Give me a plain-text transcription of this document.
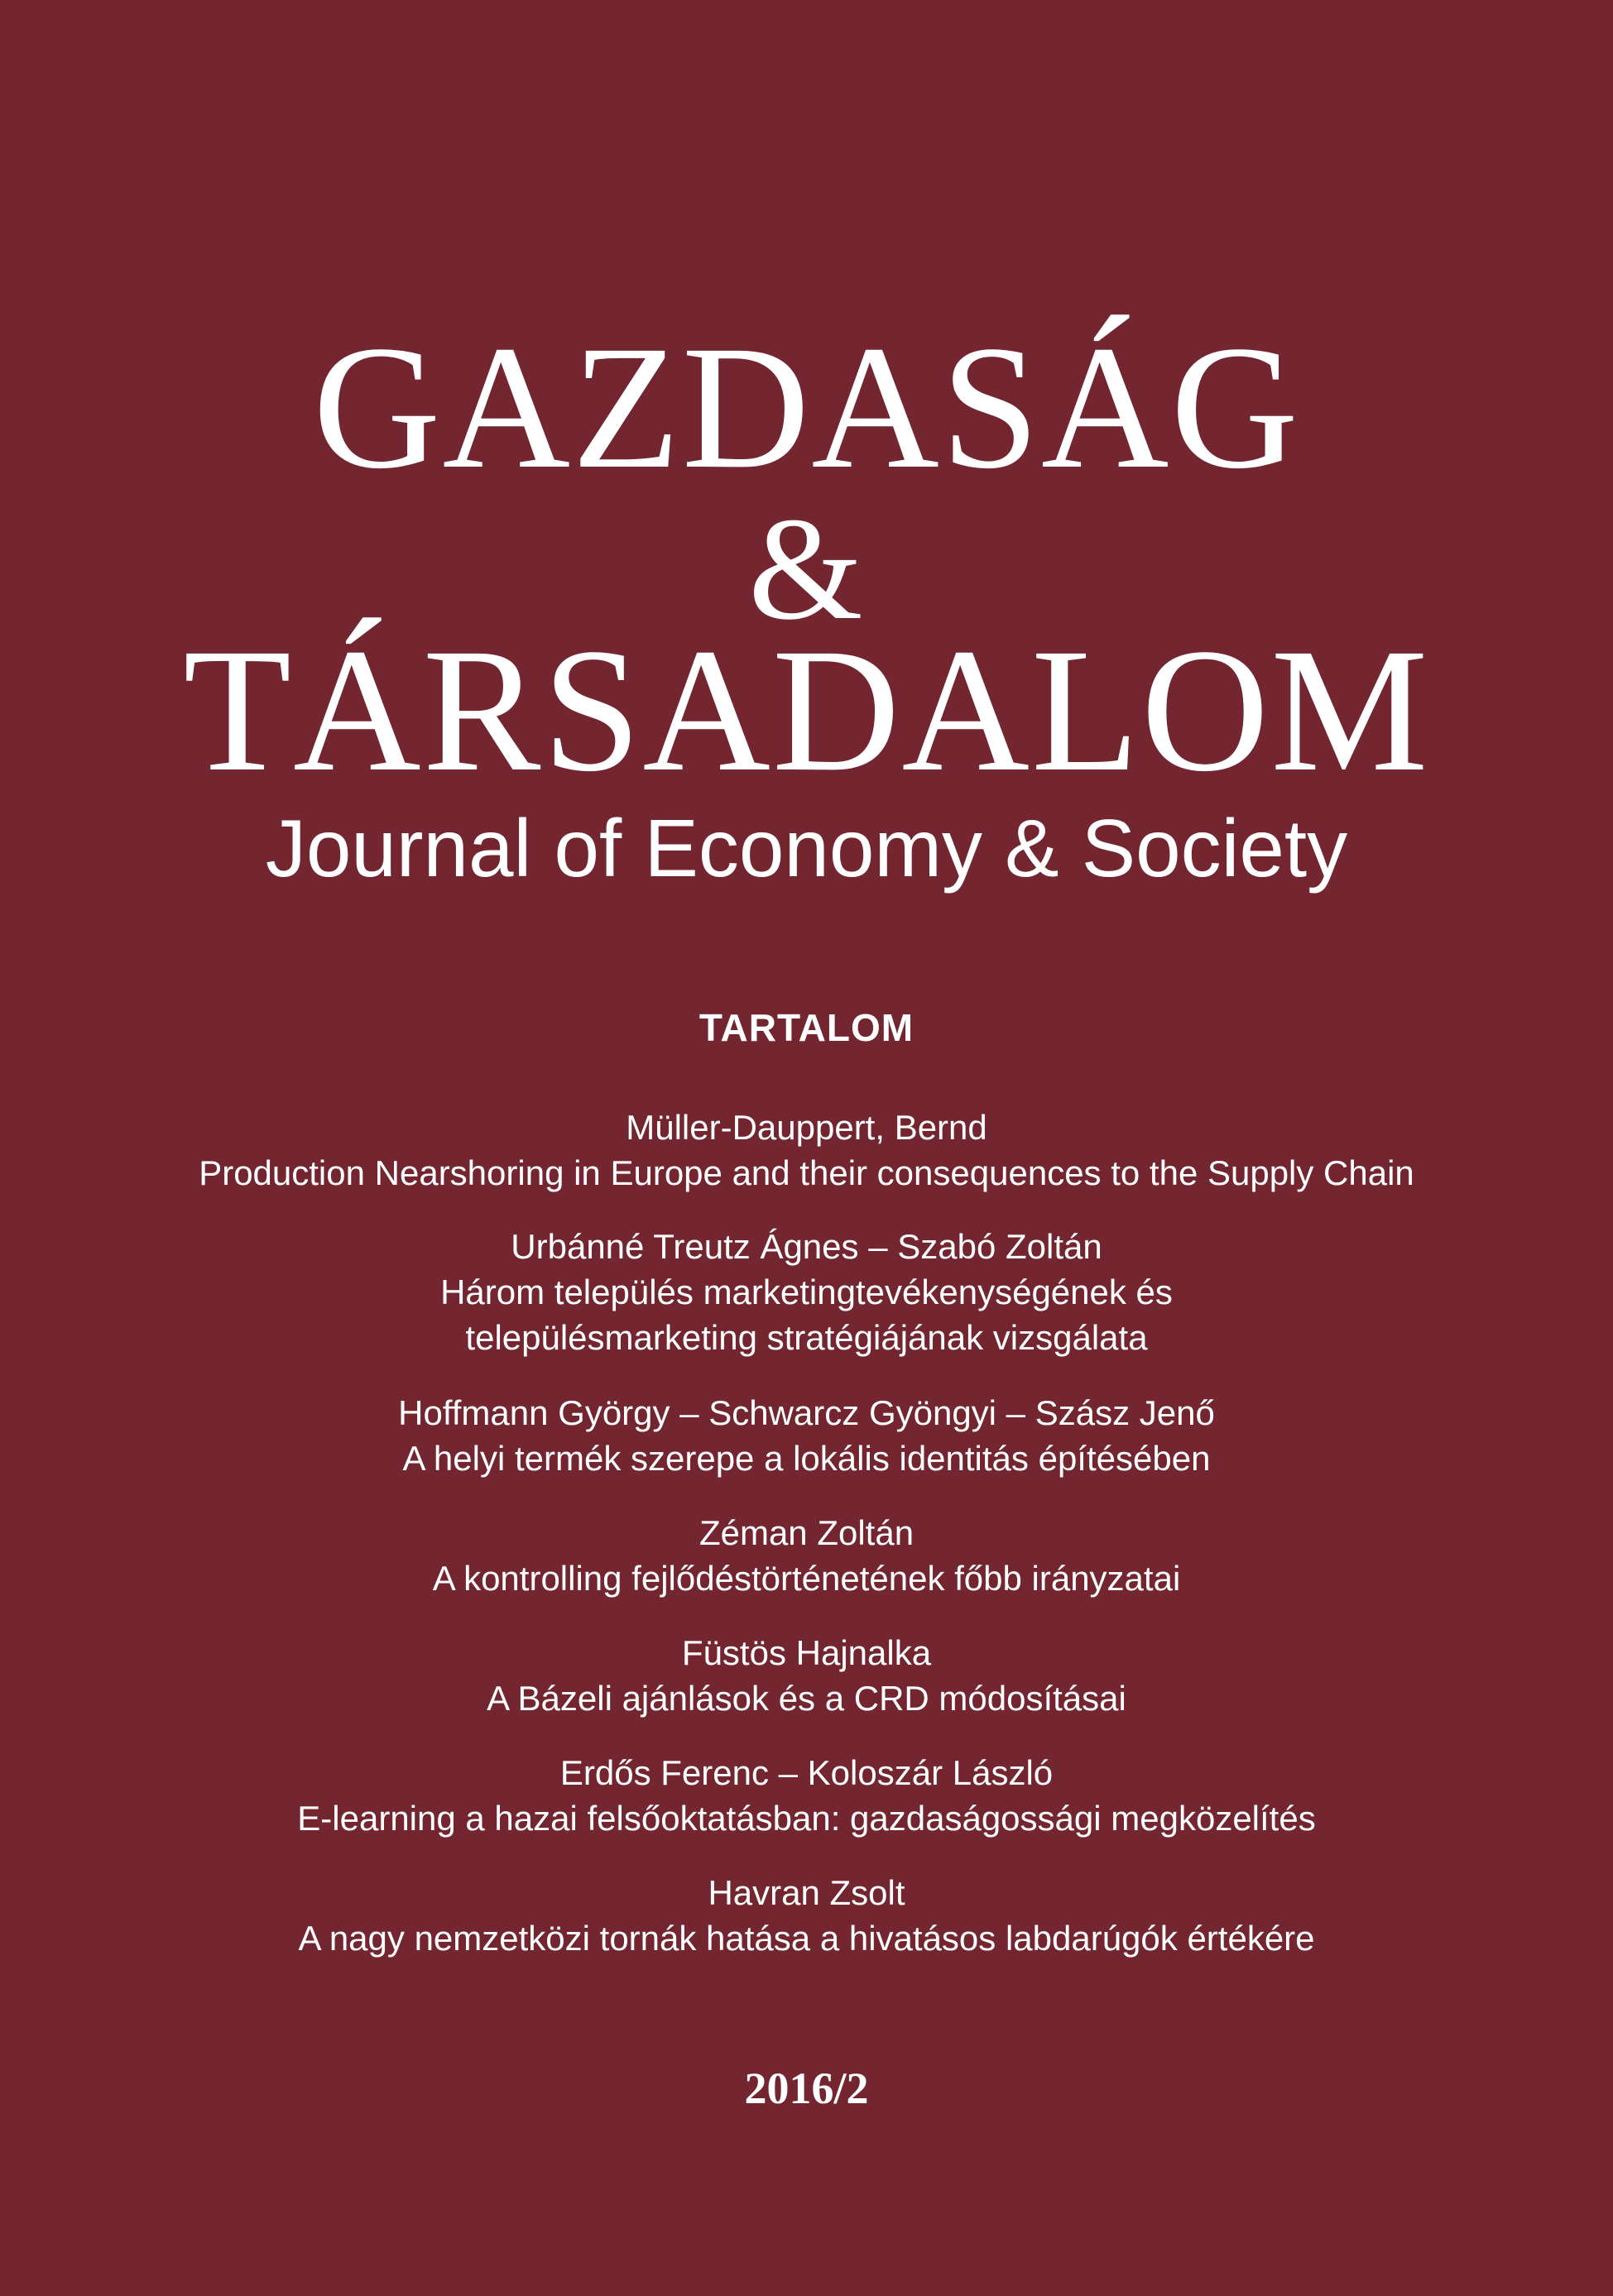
GAZDASÁG
&
TÁRSADALOM
Journal of Economy & Society
TARTALOM

Müller-Dauppert, Bernd

Production Nearshoring in Europe and their consequences to the Supply Chain

Urbánné Treutz Ágnes – Szabó Zoltán

Három település marketingtevékenységének és

településmarketing stratégiájának vizsgálata

Hoffmann György – Schwarcz Gyöngyi – Szász Jenő

A helyi termék szerepe a lokális identitás építésében

Zéman Zoltán

A kontrolling fejlődéstörténetének főbb irányzatai

Füstös Hajnalka

A Bázeli ajánlások és a CRD módosításai

Erdős Ferenc – Koloszár László

E-learning a hazai felsőoktatásban: gazdaságossági megközelítés

Havran Zsolt

A nagy nemzetközi tornák hatása a hivatásos labdarúgók értékére

2016/2
